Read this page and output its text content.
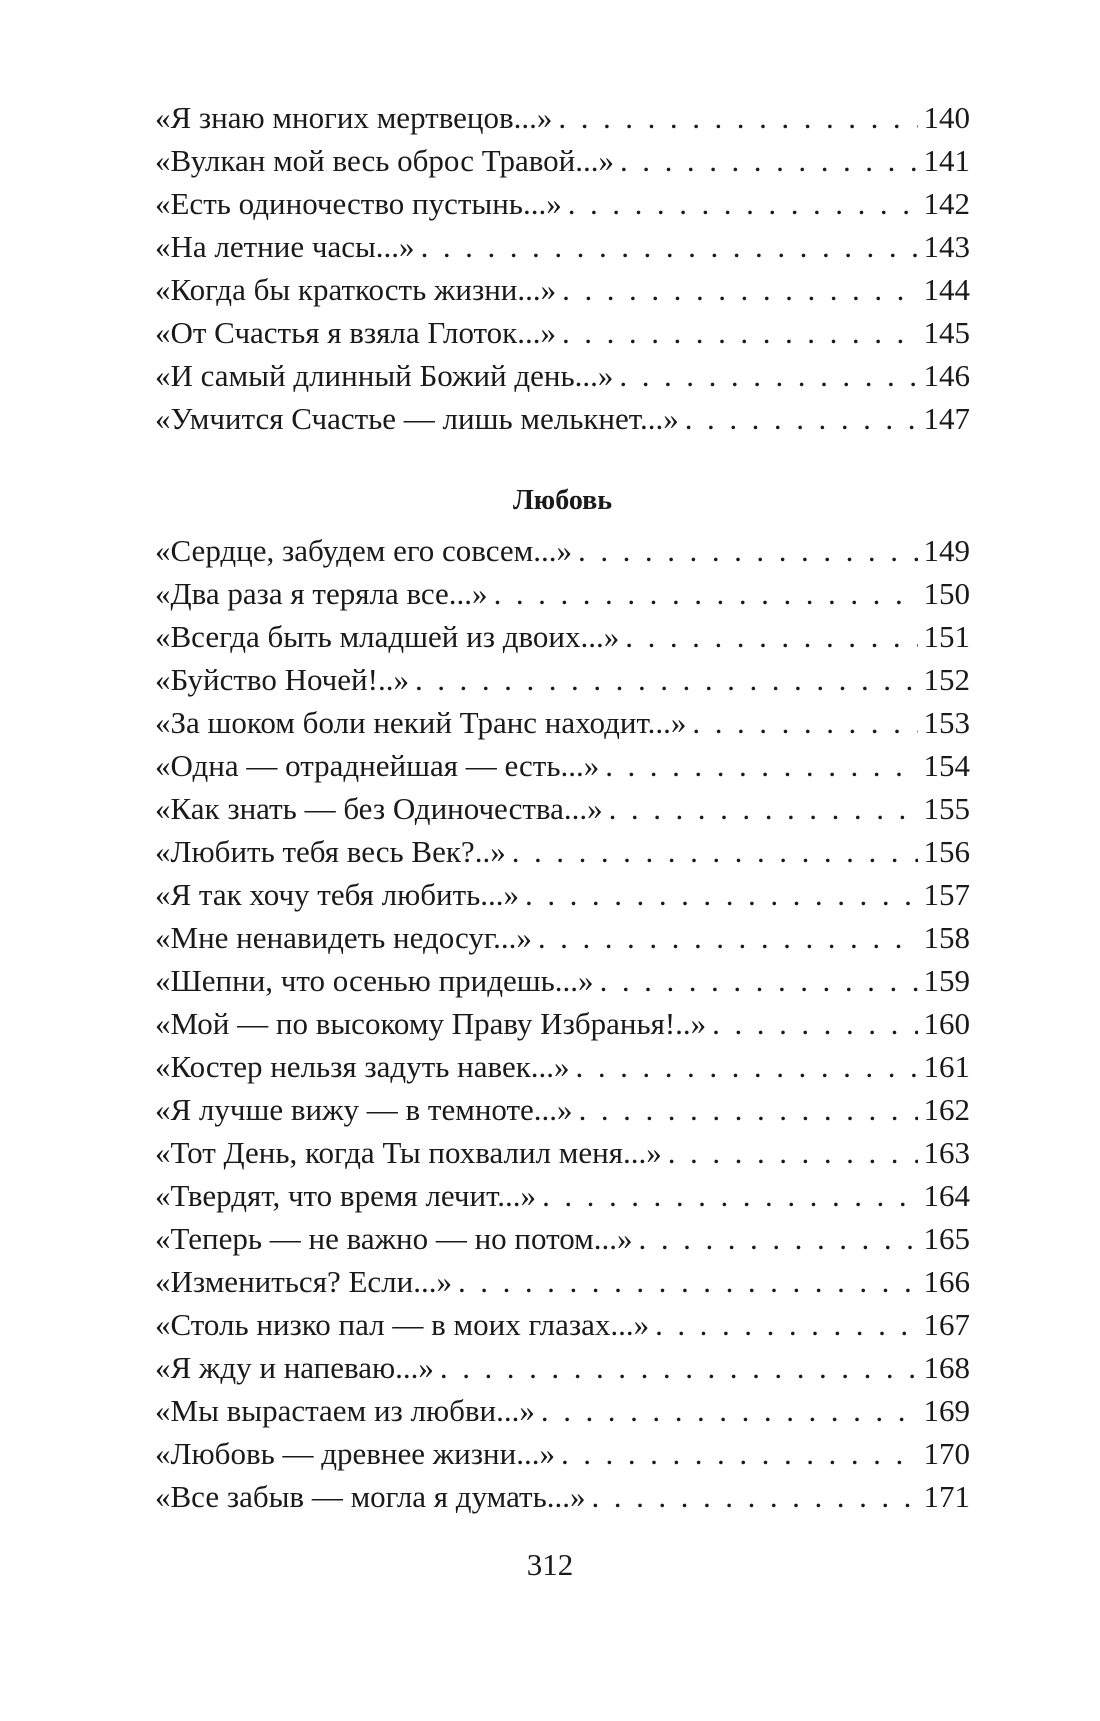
«Я знаю многих мертвецов...» . . .	140
«Вулкан мой весь оброс Травой...» . . .	141
«Есть одиночество пустынь...» . . .	142
«На летние часы...» . . .	143
«Когда бы краткость жизни...» . . .	144
«От Счастья я взяла Глоток...» . . .	145
«И самый длинный Божий день...» . . .	146
«Умчится Счастье — лишь мелькнет...» . . .	147
Любовь
«Сердце, забудем его совсем...» . . .	149
«Два раза я теряла все...» . . .	150
«Всегда быть младшей из двоих...» . . .	151
«Буйство Ночей!..» . . .	152
«За шоком боли некий Транс находит...» . . .	153
«Одна — отраднейшая — есть...» . . .	154
«Как знать — без Одиночества...» . . .	155
«Любить тебя весь Век?..» . . .	156
«Я так хочу тебя любить...» . . .	157
«Мне ненавидеть недосуг...» . . .	158
«Шепни, что осенью придешь...» . . .	159
«Мой — по высокому Праву Избранья!..» . . .	160
«Костер нельзя задуть навек...» . . .	161
«Я лучше вижу — в темноте...» . . .	162
«Тот День, когда Ты похвалил меня...» . . .	163
«Твердят, что время лечит...» . . .	164
«Теперь — не важно — но потом...» . . .	165
«Измениться? Если...» . . .	166
«Столь низко пал — в моих глазах...» . . .	167
«Я жду и напеваю...» . . .	168
«Мы вырастаем из любви...» . . .	169
«Любовь — древнее жизни...» . . .	170
«Все забыв — могла я думать...» . . .	171
312
